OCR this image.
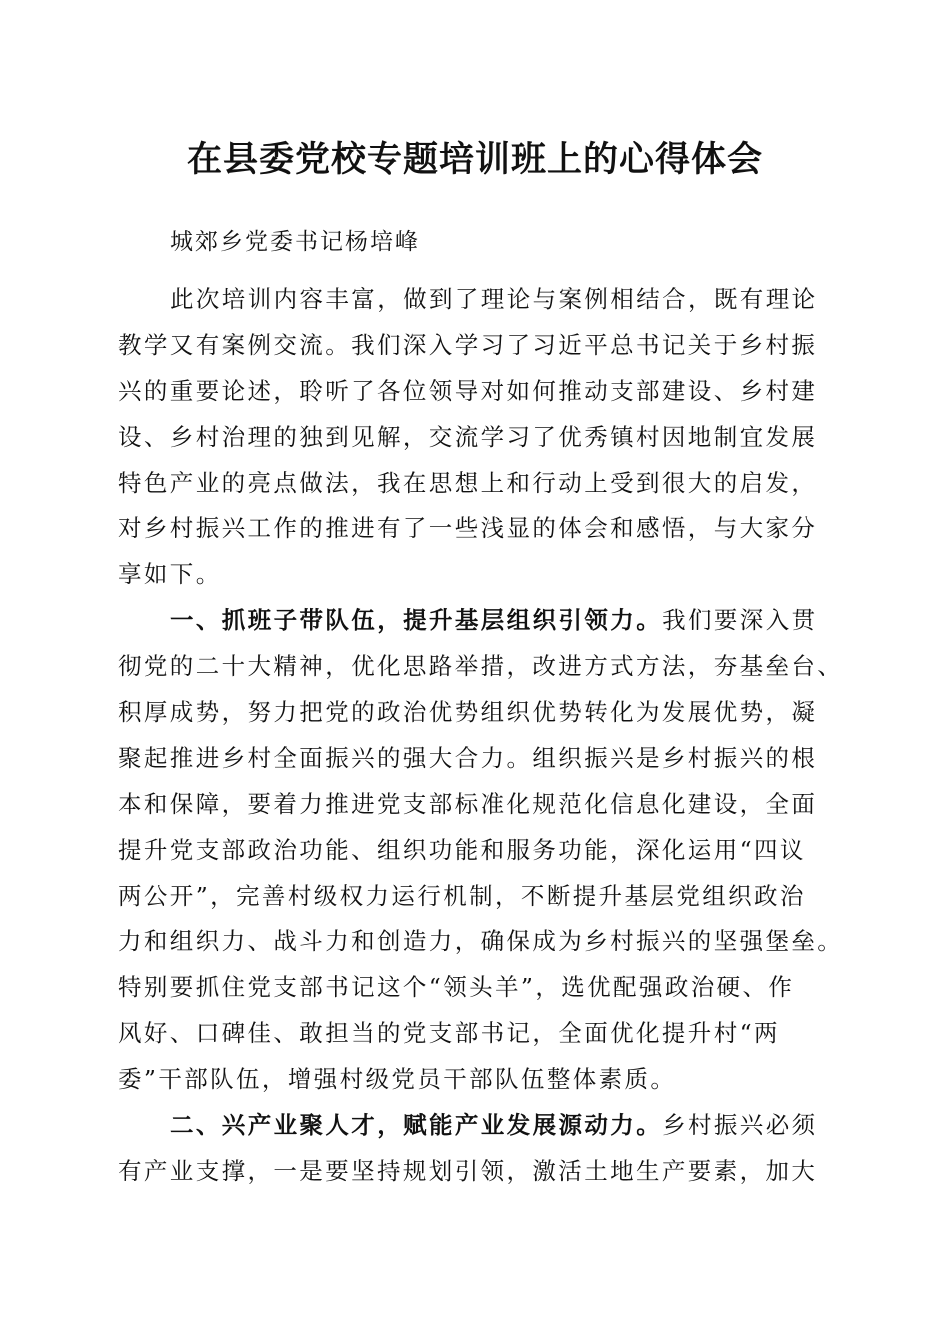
在县委党校专题培训班上的心得体会
城郊乡党委书记杨培峰
此次培训内容丰富，做到了理论与案例相结合，既有理论
教学又有案例交流。我们深入学习了习近平总书记关于乡村振
兴的重要论述，聆听了各位领导对如何推动支部建设、乡村建
设、乡村治理的独到见解，交流学习了优秀镇村因地制宜发展
特色产业的亮点做法，我在思想上和行动上受到很大的启发，
对乡村振兴工作的推进有了一些浅显的体会和感悟，与大家分
享如下。
一、抓班子带队伍，提升基层组织引领力。我们要深入贯
彻党的二十大精神，优化思路举措，改进方式方法，夯基垒台、
积厚成势，努力把党的政治优势组织优势转化为发展优势，凝
聚起推进乡村全面振兴的强大合力。组织振兴是乡村振兴的根
本和保障，要着力推进党支部标准化规范化信息化建设，全面
提升党支部政治功能、组织功能和服务功能，深化运用“四议
两公开”，完善村级权力运行机制，不断提升基层党组织政治
力和组织力、战斗力和创造力，确保成为乡村振兴的坚强堡垒。
特别要抓住党支部书记这个“领头羊”，选优配强政治硬、作
风好、口碑佳、敢担当的党支部书记，全面优化提升村“两
委”干部队伍，增强村级党员干部队伍整体素质。
二、兴产业聚人才，赋能产业发展源动力。乡村振兴必须
有产业支撑，一是要坚持规划引领，激活土地生产要素，加大
